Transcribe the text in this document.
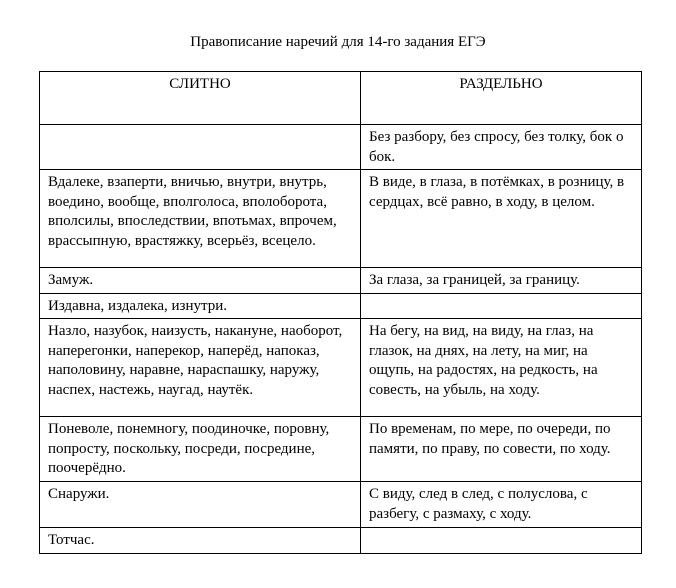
Правописание наречий для 14-го задания ЕГЭ
СЛИТНО	РАЗДЕЛЬНО
	Без разбору, без спросу, без толку, бок о бок.
Вдалеке, взаперти, вничью, внутри, внутрь, воедино, вообще, вполголоса, вполоборота, вполсилы, впоследствии, впотьмах, впрочем, врассыпную, врастяжку, всерьёз, всецело.	В виде, в глаза, в потёмках, в розницу, в сердцах, всё равно, в ходу, в целом.
Замуж.	За глаза, за границей, за границу.
Издавна, издалека, изнутри.	
Назло, назубок, наизусть, накануне, наоборот, наперегонки, наперекор, наперёд, напоказ, наполовину, наравне, нараспашку, наружу, наспех, настежь, наугад, наутёк.	На бегу, на вид, на виду, на глаз, на глазок, на днях, на лету, на миг, на ощупь, на радостях, на редкость, на совесть, на убыль, на ходу.
Поневоле, понемногу, поодиночке, поровну, попросту, поскольку, посреди, посредине, поочерёдно.	По временам, по мере, по очереди, по памяти, по праву, по совести, по ходу.
Снаружи.	С виду, след в след, с полуслова, с разбегу, с размаху, с ходу.
Тотчас.	
